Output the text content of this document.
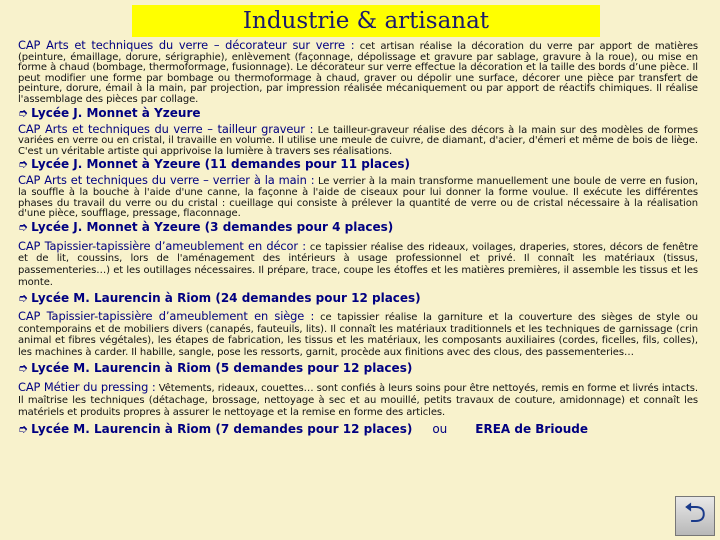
Industrie & artisanat

CAP Arts et techniques du verre – décorateur sur verre : cet artisan réalise la décoration du verre par apport de matières (peinture, émaillage, dorure, sérigraphie), enlèvement (façonnage, dépolissage et gravure par sablage, gravure à la roue), ou mise en forme à chaud (bombage, thermoformage, fusionnage). Le décorateur sur verre effectue la décoration et la taille des bords d’une pièce. Il peut modifier une forme par bombage ou thermoformage à chaud, graver ou dépolir une surface, décorer une pièce par transfert de peinture, dorure, émail à la main, par projection, par impression réalisée mécaniquement ou par apport de réactifs chimiques. Il réalise l'assemblage des pièces par collage.

➮ Lycée J. Monnet à Yzeure

CAP Arts et techniques du verre – tailleur graveur : Le tailleur-graveur réalise des décors à la main sur des modèles de formes variées en verre ou en cristal, il travaille en volume. Il utilise une meule de cuivre, de diamant, d'acier, d'émeri et même de bois de liège. C'est un véritable artiste qui apprivoise la lumière à travers ses réalisations.

➮ Lycée J. Monnet à Yzeure (11 demandes pour 11 places)

CAP Arts et techniques du verre – verrier à la main : Le verrier à la main transforme manuellement une boule de verre en fusion, la souffle à la bouche à l'aide d'une canne, la façonne à l'aide de ciseaux pour lui donner la forme voulue. Il exécute les différentes phases du travail du verre ou du cristal : cueillage qui consiste à prélever la quantité de verre ou de cristal nécessaire à la réalisation d'une pièce, soufflage, pressage, flaconnage.

➮ Lycée J. Monnet à Yzeure (3 demandes pour 4 places)

CAP Tapissier-tapissière d’ameublement en décor : ce tapissier réalise des rideaux, voilages, draperies, stores, décors de fenêtre et de lit, coussins, lors de l'aménagement des intérieurs à usage professionnel et privé. Il connaît les matériaux (tissus, passementeries…) et les outillages nécessaires. Il prépare, trace, coupe les étoffes et les matières premières, il assemble les tissus et les monte.

➮ Lycée M. Laurencin à Riom (24 demandes pour 12 places)

CAP Tapissier-tapissière d’ameublement en siège : ce tapissier réalise la garniture et la couverture des sièges de style ou contemporains et de mobiliers divers (canapés, fauteuils, lits). Il connaît les matériaux traditionnels et les techniques de garnissage (crin animal et fibres végétales), les étapes de fabrication, les tissus et les matériaux, les composants auxiliaires (cordes, ficelles, fils, colles), les machines à carder. Il habille, sangle, pose les ressorts, garnit, procède aux finitions avec des clous, des passementeries…

➮ Lycée M. Laurencin à Riom (5 demandes pour 12 places)

CAP Métier du pressing : Vêtements, rideaux, couettes… sont confiés à leurs soins pour être nettoyés, remis en forme et livrés intacts. Il maîtrise les techniques (détachage, brossage, nettoyage à sec et au mouillé, petits travaux de couture, amidonnage) et connaît les matériels et produits propres à assurer le nettoyage et la remise en forme des articles.

➮ Lycée M. Laurencin à Riom (7 demandes pour 12 places) ou EREA de Brioude

⮌
